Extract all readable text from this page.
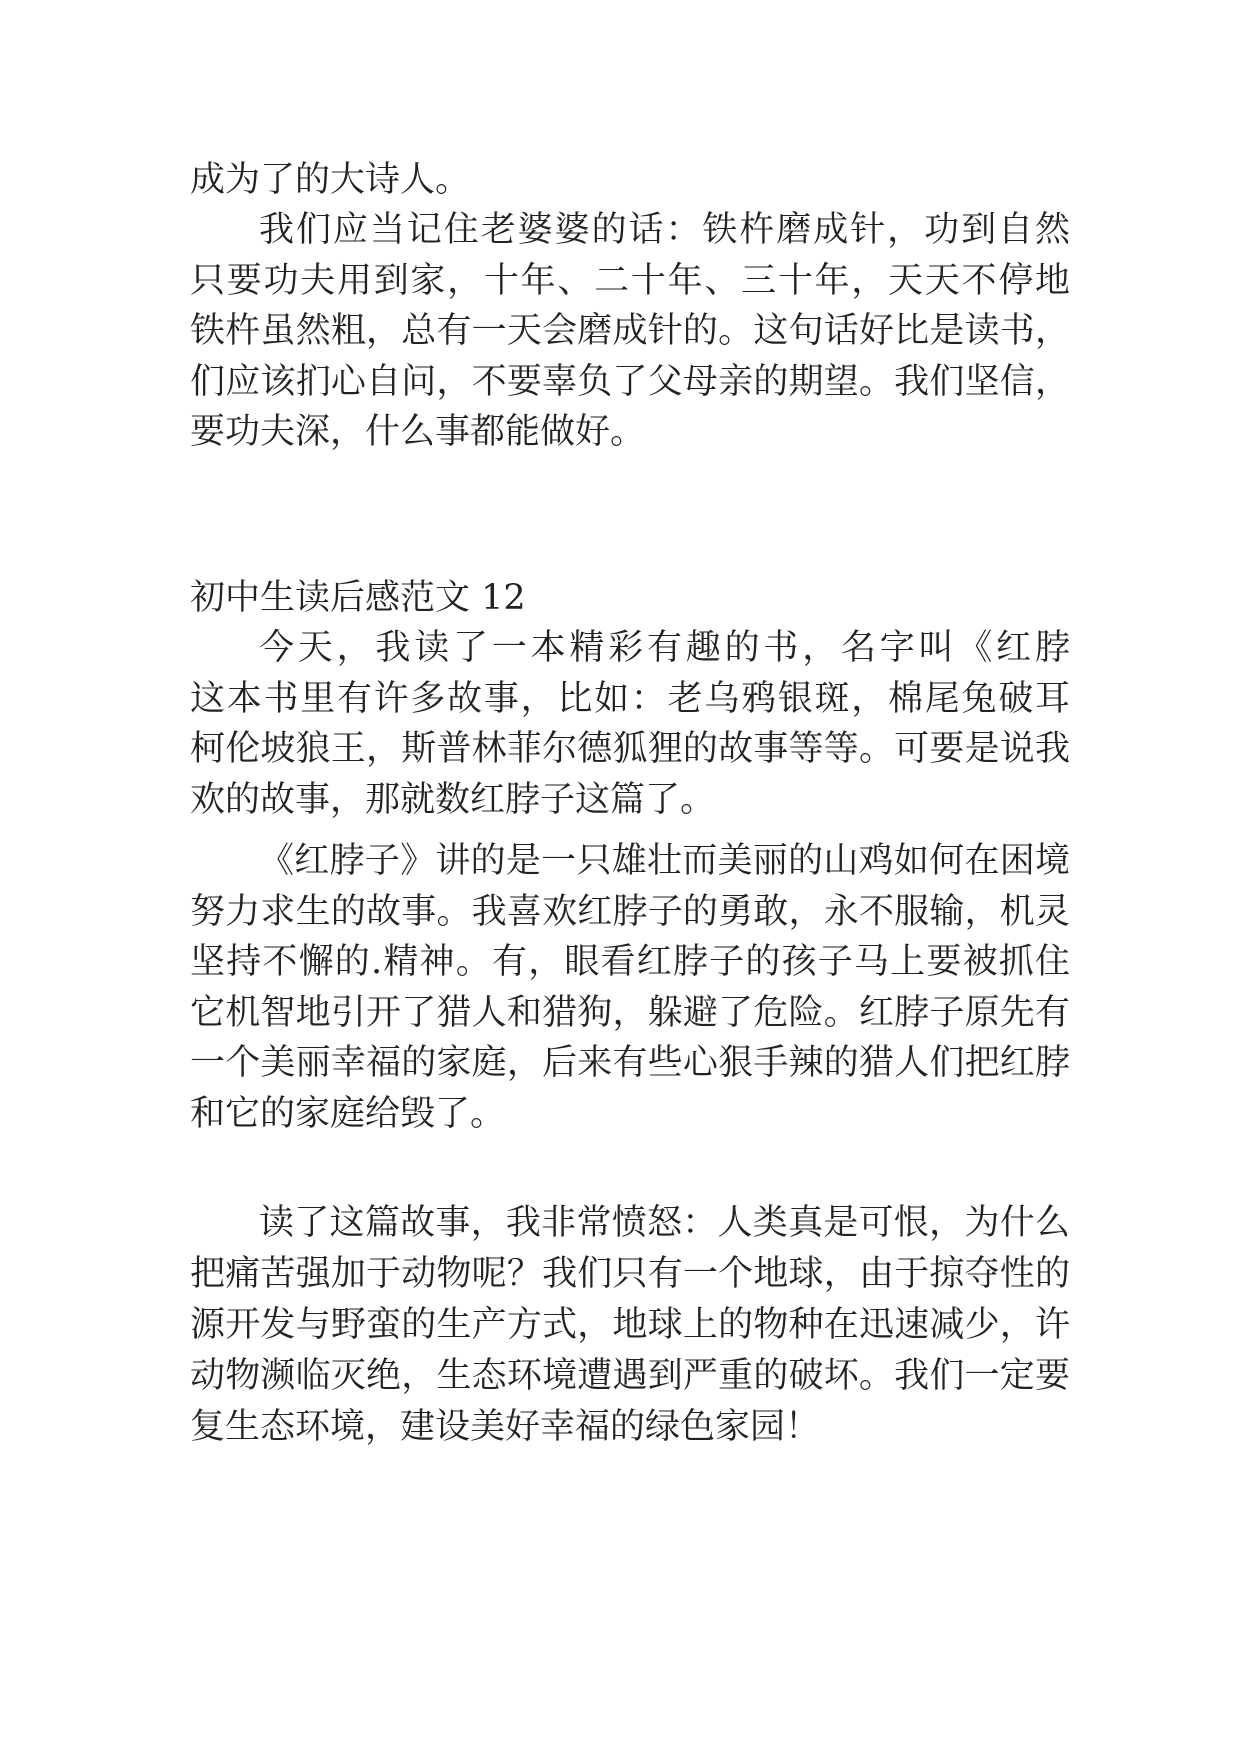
成为了的大诗人。
我们应当记住老婆婆的话：铁杵磨成针，功到自然
只要功夫用到家，十年、二十年、三十年，天天不停地
铁杵虽然粗，总有一天会磨成针的。这句话好比是读书，
们应该扪心自问，不要辜负了父母亲的期望。我们坚信，
要功夫深，什么事都能做好。
初中生读后感范文 12
今天，我读了一本精彩有趣的书，名字叫《红脖
这本书里有许多故事，比如：老乌鸦银斑，棉尾兔破耳
柯伦坡狼王，斯普林菲尔德狐狸的故事等等。可要是说我
欢的故事，那就数红脖子这篇了。
《红脖子》讲的是一只雄壮而美丽的山鸡如何在困境
努力求生的故事。我喜欢红脖子的勇敢，永不服输，机灵
坚持不懈的.精神。有，眼看红脖子的孩子马上要被抓住
它机智地引开了猎人和猎狗，躲避了危险。红脖子原先有
一个美丽幸福的家庭，后来有些心狠手辣的猎人们把红脖
和它的家庭给毁了。
读了这篇故事，我非常愤怒：人类真是可恨，为什么
把痛苦强加于动物呢？我们只有一个地球，由于掠夺性的
源开发与野蛮的生产方式，地球上的物种在迅速减少，许
动物濒临灭绝，生态环境遭遇到严重的破坏。我们一定要
复生态环境，建设美好幸福的绿色家园！
